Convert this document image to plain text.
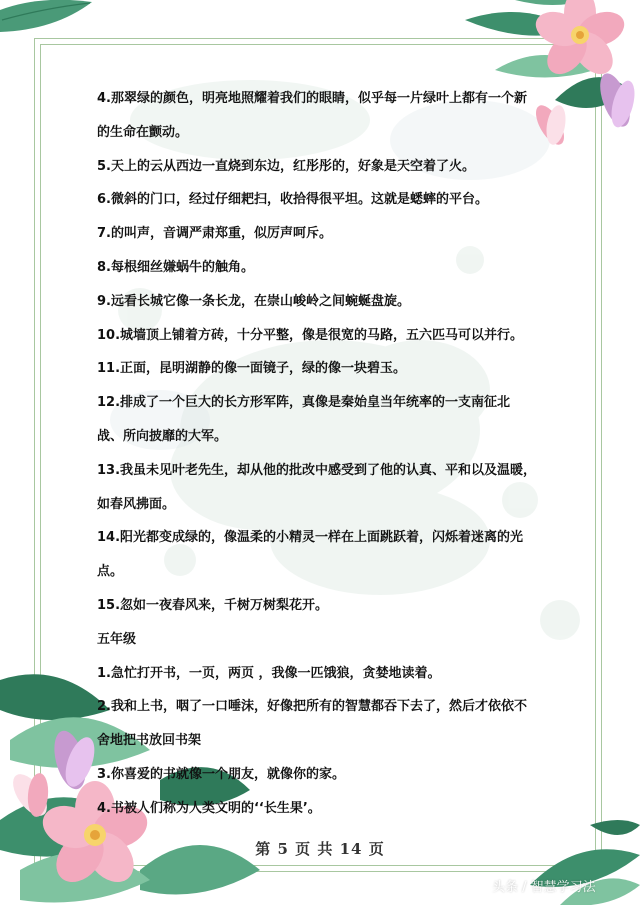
4.那翠绿的颜色，明亮地照耀着我们的眼睛，似乎每一片绿叶上都有一个新
的生命在颤动。
5.天上的云从西边一直烧到东边，红彤彤的，好象是天空着了火。
6.微斜的门口，经过仔细耙扫，收拾得很平坦。这就是蟋蟀的平台。
7.的叫声，音调严肃郑重，似厉声呵斥。
8.每根细丝嫌蜗牛的触角。
9.远看长城它像一条长龙，在崇山峻岭之间蜿蜒盘旋。
10.城墙顶上铺着方砖，十分平整，像是很宽的马路，五六匹马可以并行。
11.正面，昆明湖静的像一面镜子，绿的像一块碧玉。
12.排成了一个巨大的长方形军阵，真像是秦始皇当年统率的一支南征北
战、所向披靡的大军。
13.我虽未见叶老先生，却从他的批改中感受到了他的认真、平和以及温暖，
如春风拂面。
14.阳光都变成绿的，像温柔的小精灵一样在上面跳跃着，闪烁着迷离的光
点。
15.忽如一夜春风来，千树万树梨花开。
五年级
1.急忙打开书，一页，两页 ，我像一匹饿狼，贪婪地读着。
2.我和上书，咽了一口唾沫，好像把所有的智慧都吞下去了，然后才依依不
舍地把书放回书架
3.你喜爱的书就像一个朋友，就像你的家。
4.书被人们称为人类文明的‘‘长生果’。
第 5 页 共 14 页
头条 / 智慧学习法
